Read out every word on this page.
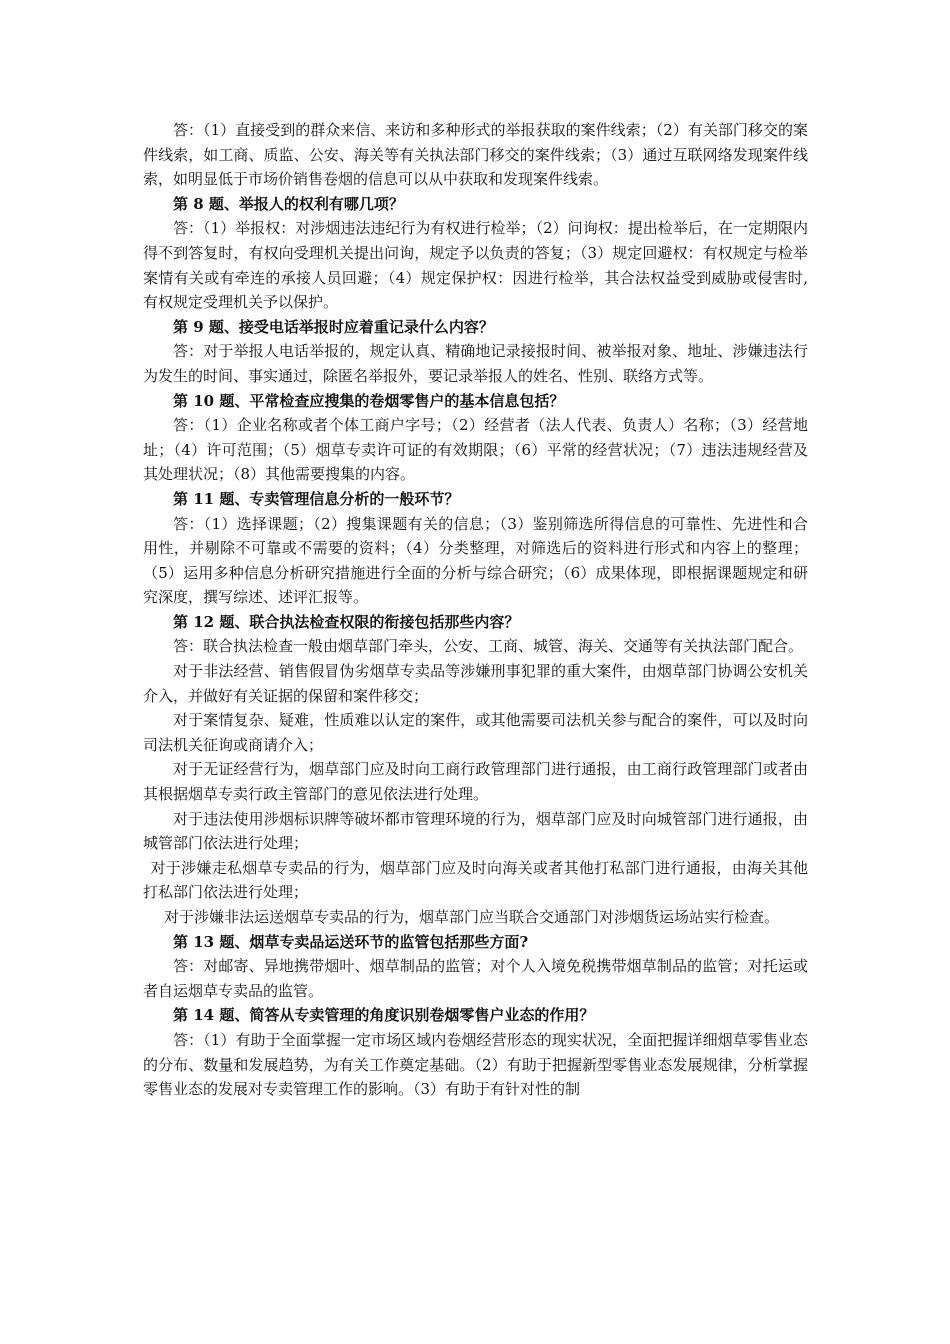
答：（1）直接受到的群众来信、来访和多种形式的举报获取的案件线索；（2）有关部门移交的案件线索，如工商、质监、公安、海关等有关执法部门移交的案件线索；（3）通过互联网络发现案件线索，如明显低于市场价销售卷烟的信息可以从中获取和发现案件线索。

第 8 题、举报人的权利有哪几项？

答：（1）举报权：对涉烟违法违纪行为有权进行检举；（2）问询权：提出检举后，在一定期限内得不到答复时，有权向受理机关提出问询，规定予以负责的答复；（3）规定回避权：有权规定与检举案情有关或有牵连的承接人员回避；（4）规定保护权：因进行检举，其合法权益受到威胁或侵害时,有权规定受理机关予以保护。

第 9 题、接受电话举报时应着重记录什么内容？

答：对于举报人电话举报的，规定认真、精确地记录接报时间、被举报对象、地址、涉嫌违法行为发生的时间、事实通过，除匿名举报外，要记录举报人的姓名、性别、联络方式等。

第 10 题、平常检查应搜集的卷烟零售户的基本信息包括？

答：（1）企业名称或者个体工商户字号；（2）经营者（法人代表、负责人）名称；（3）经营地址；（4）许可范围；（5）烟草专卖许可证的有效期限；（6）平常的经营状况；（7）违法违规经营及其处理状况；（8）其他需要搜集的内容。

第 11 题、专卖管理信息分析的一般环节？

答：（1）选择课题；（2）搜集课题有关的信息；（3）鉴别筛选所得信息的可靠性、先进性和合用性，并剔除不可靠或不需要的资料；（4）分类整理，对筛选后的资料进行形式和内容上的整理；（5）运用多种信息分析研究措施进行全面的分析与综合研究；（6）成果体现，即根据课题规定和研究深度，撰写综述、述评汇报等。

第 12 题、联合执法检查权限的衔接包括那些内容？

答：联合执法检查一般由烟草部门牵头，公安、工商、城管、海关、交通等有关执法部门配合。

对于非法经营、销售假冒伪劣烟草专卖品等涉嫌刑事犯罪的重大案件，由烟草部门协调公安机关介入，并做好有关证据的保留和案件移交；

对于案情复杂、疑难，性质难以认定的案件，或其他需要司法机关参与配合的案件，可以及时向司法机关征询或商请介入；

对于无证经营行为，烟草部门应及时向工商行政管理部门进行通报，由工商行政管理部门或者由其根据烟草专卖行政主管部门的意见依法进行处理。

对于违法使用涉烟标识牌等破坏都市管理环境的行为，烟草部门应及时向城管部门进行通报，由城管部门依法进行处理；

对于涉嫌走私烟草专卖品的行为，烟草部门应及时向海关或者其他打私部门进行通报，由海关其他打私部门依法进行处理；

对于涉嫌非法运送烟草专卖品的行为，烟草部门应当联合交通部门对涉烟货运场站实行检查。

第 13 题、烟草专卖品运送环节的监管包括那些方面?

答：对邮寄、异地携带烟叶、烟草制品的监管；对个人入境免税携带烟草制品的监管；对托运或者自运烟草专卖品的监管。

第 14 题、简答从专卖管理的角度识别卷烟零售户业态的作用？

答：（1）有助于全面掌握一定市场区域内卷烟经营形态的现实状况，全面把握详细烟草零售业态的分布、数量和发展趋势，为有关工作奠定基础。（2）有助于把握新型零售业态发展规律，分析掌握零售业态的发展对专卖管理工作的影响。（3）有助于有针对性的制
